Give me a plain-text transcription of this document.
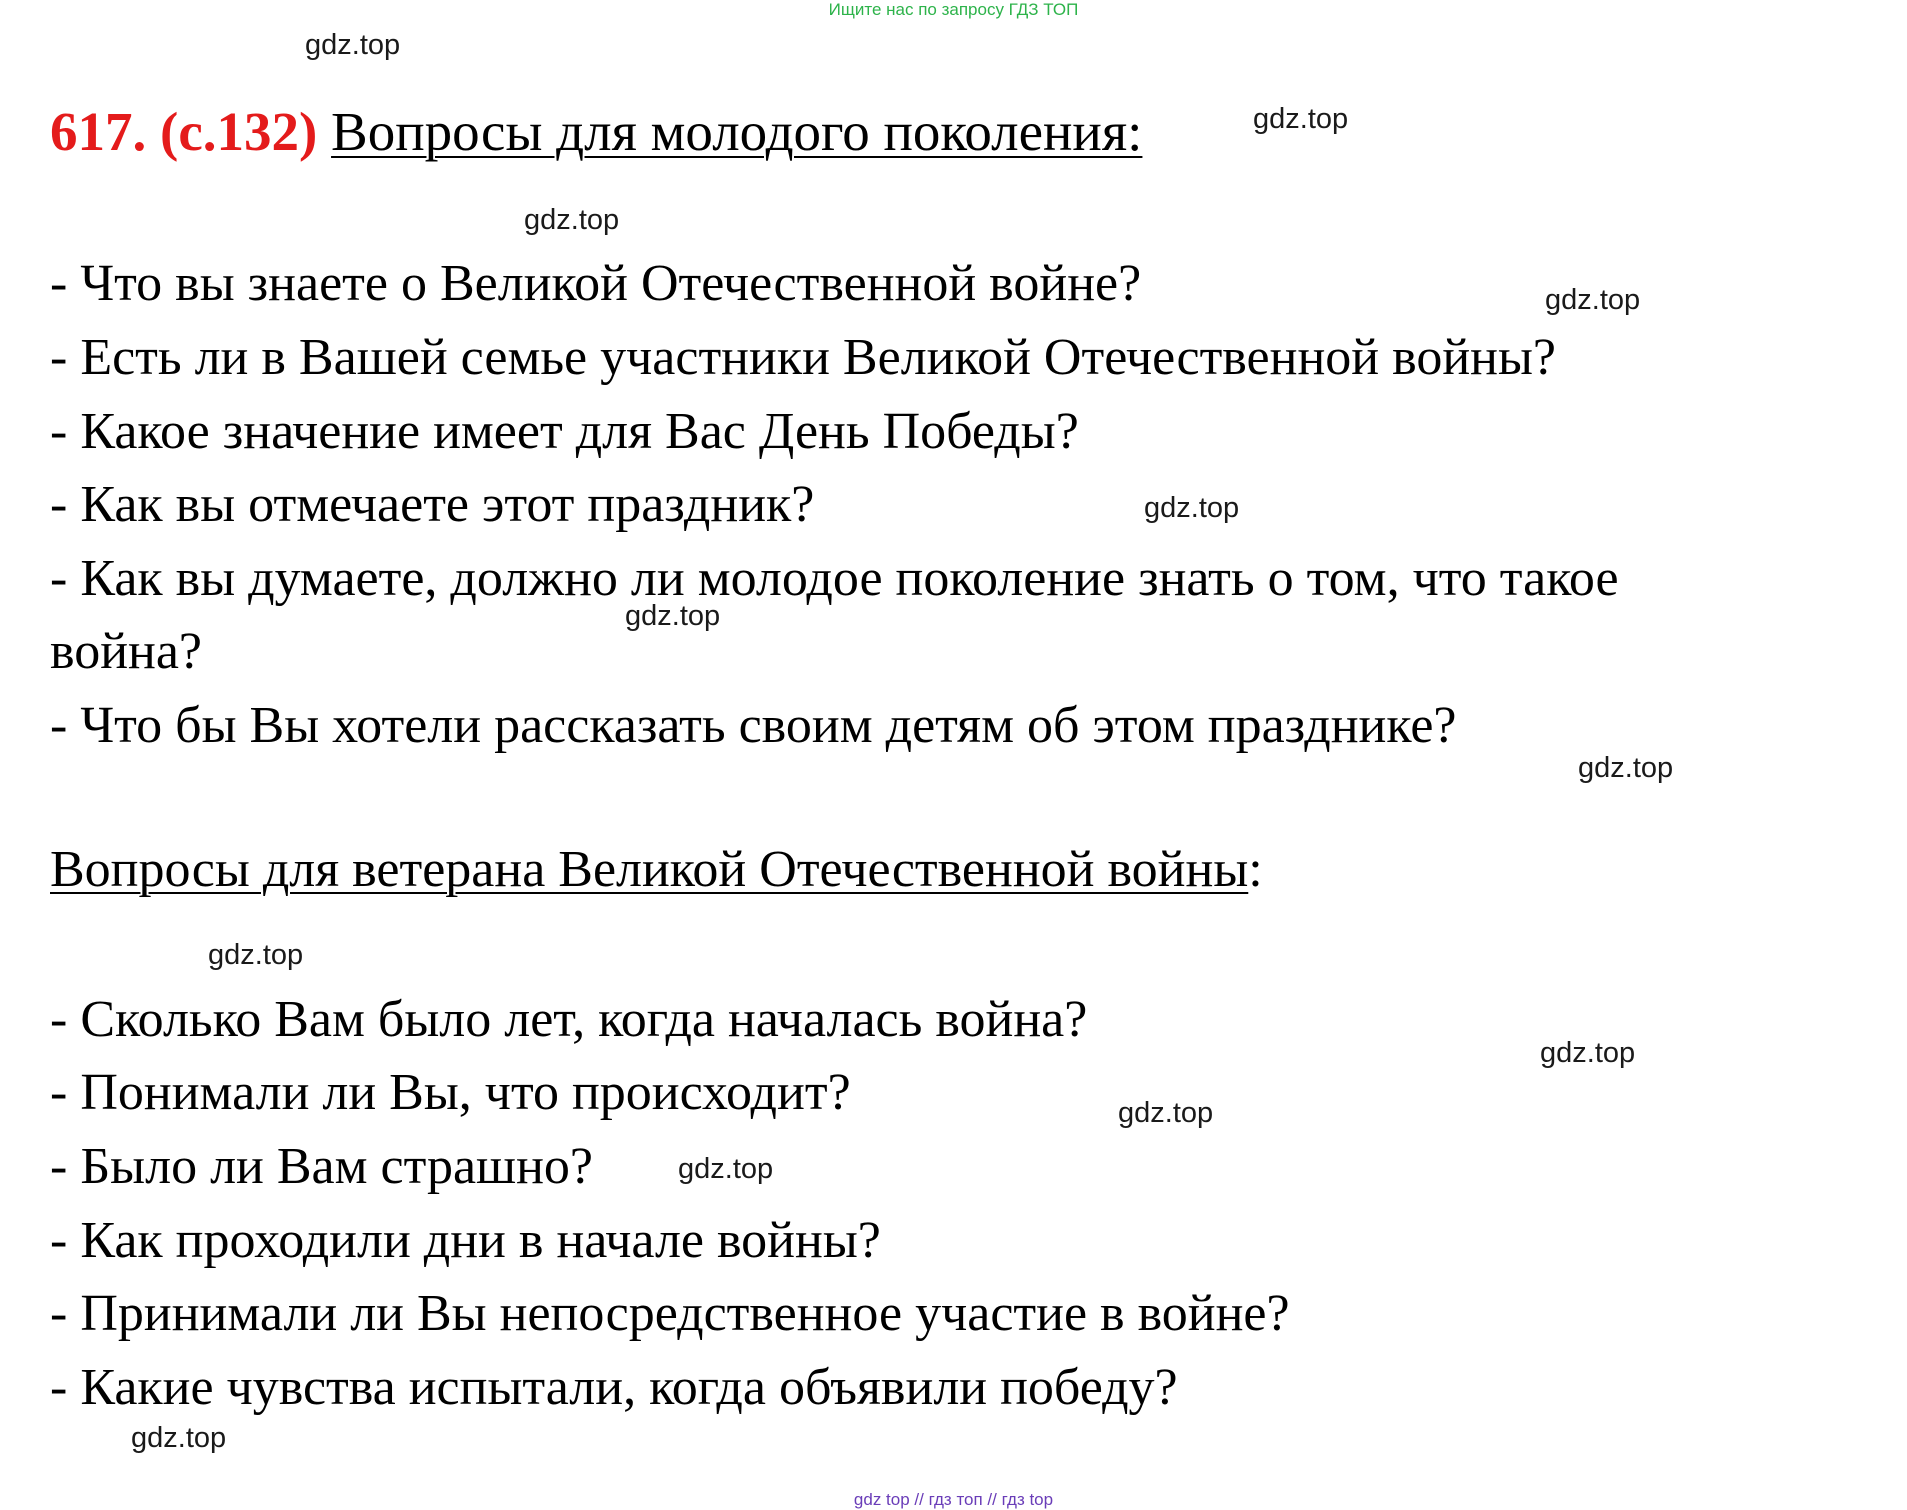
Ищите нас по запросу ГДЗ ТОП
gdz.top
617. (с.132) Вопросы для молодого поколения:	gdz.top
gdz.top
- Что вы знаете о Великой Отечественной войне?	gdz.top
- Есть ли в Вашей семье участники Великой Отечественной войны?
- Какое значение имеет для Вас День Победы?
- Как вы отмечаете этот праздник?	gdz.top
- Как вы думаете, должно ли молодое поколение знать о том, что такое
gdz.top
война?
- Что бы Вы хотели рассказать своим детям об этом празднике?
gdz.top
Вопросы для ветерана Великой Отечественной войны:
gdz.top
- Сколько Вам было лет, когда началась война?
gdz.top
- Понимали ли Вы, что происходит?	gdz.top
- Было ли Вам страшно?	gdz.top
- Как проходили дни в начале войны?
- Принимали ли Вы непосредственное участие в войне?
- Какие чувства испытали, когда объявили победу?
gdz.top
gdz top // гдз топ // гдз top
